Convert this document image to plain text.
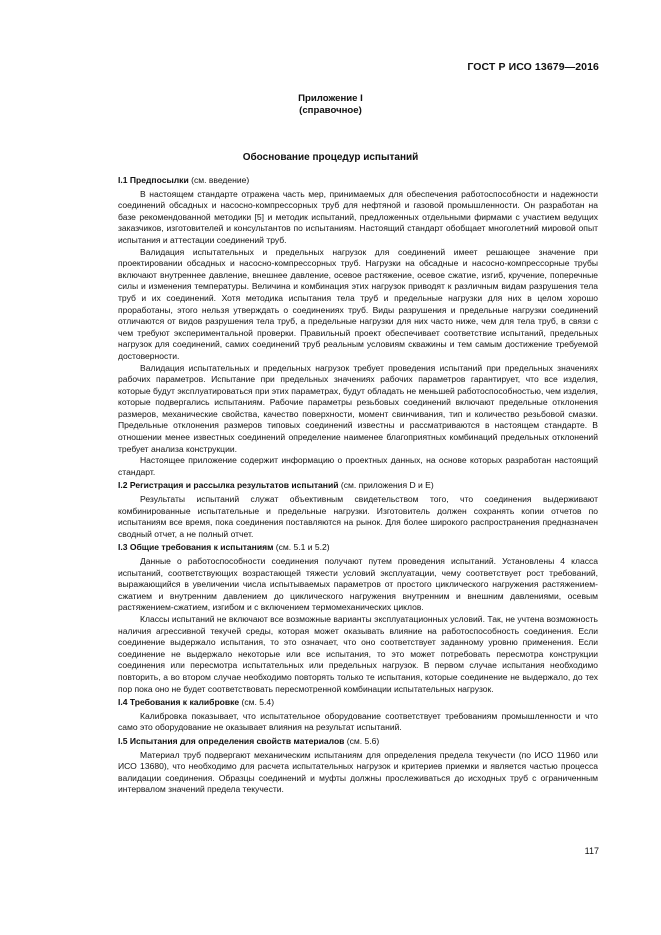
ГОСТ Р ИСО 13679—2016
Приложение I
(справочное)
Обоснование процедур испытаний

I.1 Предпосылки (см. введение)

В настоящем стандарте отражена часть мер, принимаемых для обеспечения работоспособности и надежности соединений обсадных и насосно-компрессорных труб для нефтяной и газовой промышленности. Он разработан на базе рекомендованной методики [5] и методик испытаний, предложенных отдельными фирмами с участием ведущих заказчиков, изготовителей и консультантов по испытаниям. Настоящий стандарт обобщает многолетний мировой опыт испытания и аттестации соединений труб.

Валидация испытательных и предельных нагрузок для соединений имеет решающее значение при проектировании обсадных и насосно-компрессорных труб. Нагрузки на обсадные и насосно-компрессорные трубы включают внутреннее давление, внешнее давление, осевое растяжение, осевое сжатие, изгиб, кручение, поперечные силы и изменения температуры. Величина и комбинация этих нагрузок приводят к различным видам разрушения тела труб и их соединений. Хотя методика испытания тела труб и предельные нагрузки для них в целом хорошо проработаны, этого нельзя утверждать о соединениях труб. Виды разрушения и предельные нагрузки соединений отличаются от видов разрушения тела труб, а предельные нагрузки для них часто ниже, чем для тела труб, в связи с чем требуют экспериментальной проверки. Правильный проект обеспечивает соответствие испытаний, предельных нагрузок для соединений, самих соединений труб реальным условиям скважины и тем самым достижение требуемой достоверности.

Валидация испытательных и предельных нагрузок требует проведения испытаний при предельных значениях рабочих параметров. Испытание при предельных значениях рабочих параметров гарантирует, что все изделия, которые будут эксплуатироваться при этих параметрах, будут обладать не меньшей работоспособностью, чем изделия, которые подвергались испытаниям. Рабочие параметры резьбовых соединений включают предельные отклонения размеров, механические свойства, качество поверхности, момент свинчивания, тип и количество резьбовой смазки. Предельные отклонения размеров типовых соединений известны и рассматриваются в настоящем стандарте. В отношении менее известных соединений определение наименее благоприятных комбинаций предельных отклонений требует анализа конструкции.

Настоящее приложение содержит информацию о проектных данных, на основе которых разработан настоящий стандарт.

I.2 Регистрация и рассылка результатов испытаний (см. приложения D и E)

Результаты испытаний служат объективным свидетельством того, что соединения выдерживают комбинированные испытательные и предельные нагрузки. Изготовитель должен сохранять копии отчетов по испытаниям все время, пока соединения поставляются на рынок. Для более широкого распространения предназначен сводный отчет, а не полный отчет.

I.3 Общие требования к испытаниям (см. 5.1 и 5.2)

Данные о работоспособности соединения получают путем проведения испытаний. Установлены 4 класса испытаний, соответствующих возрастающей тяжести условий эксплуатации, чему соответствует рост требований, выражающийся в увеличении числа испытываемых параметров от простого циклического нагружения растяжением-сжатием и внутренним давлением до циклического нагружения внутренним и внешним давлениями, осевым растяжением-сжатием, изгибом и с включением термомеханических циклов.

Классы испытаний не включают все возможные варианты эксплуатационных условий. Так, не учтена возможность наличия агрессивной текучей среды, которая может оказывать влияние на работоспособность соединения. Если соединение выдержало испытания, то это означает, что оно соответствует заданному уровню применения. Если соединение не выдержало некоторые или все испытания, то это может потребовать пересмотра конструкции соединения или пересмотра испытательных или предельных нагрузок. В первом случае испытания необходимо повторить, а во втором случае необходимо повторять только те испытания, которые соединение не выдержало, до тех пор пока оно не будет соответствовать пересмотренной комбинации испытательных нагрузок.

I.4 Требования к калибровке (см. 5.4)

Калибровка показывает, что испытательное оборудование соответствует требованиям промышленности и что само это оборудование не оказывает влияния на результат испытаний.

I.5 Испытания для определения свойств материалов (см. 5.6)

Материал труб подвергают механическим испытаниям для определения предела текучести (по ИСО 11960 или ИСО 13680), что необходимо для расчета испытательных нагрузок и критериев приемки и является частью процесса валидации соединения. Образцы соединений и муфты должны прослеживаться до исходных труб с ограниченным интервалом значений предела текучести.

117
